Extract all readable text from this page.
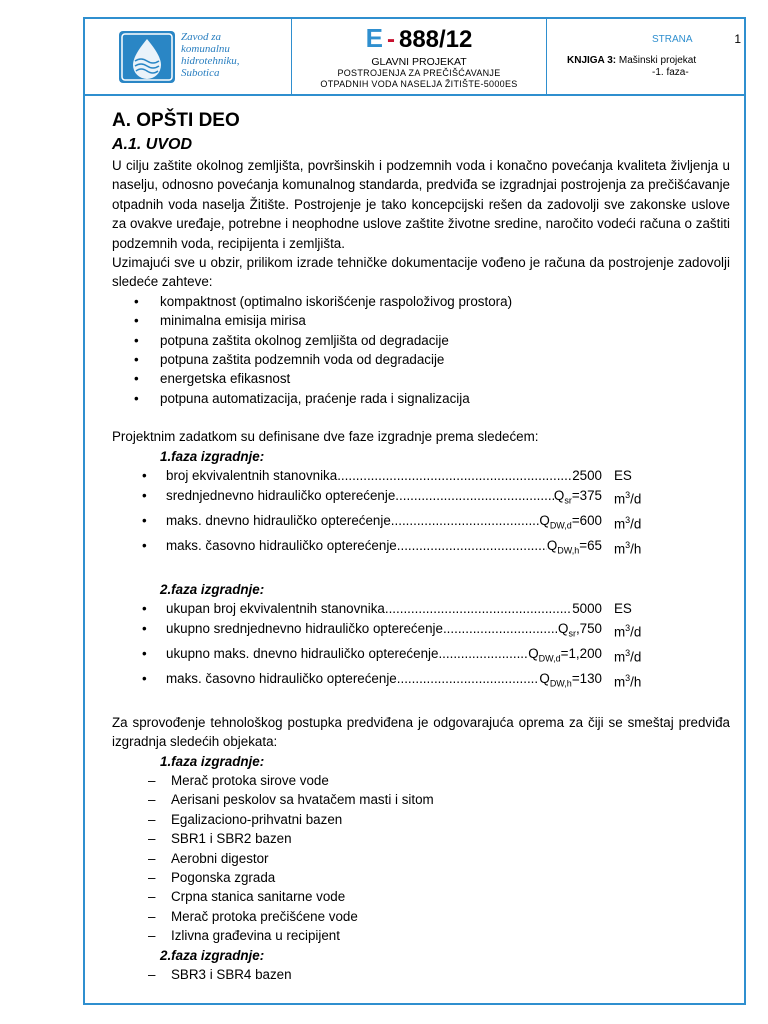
Zavod za
komunalnu
hidrotehniku,
Subotica
E - 888/12
GLAVNI PROJEKAT
POSTROJENJA ZA PREČIŠĆAVANJE
OTPADNIH VODA NASELJA ŽITIŠTE-5000ES
STRANA	1
KNJIGA 3: Mašinski projekat
-1. faza-
A. OPŠTI DEO
A.1. UVOD

U cilju zaštite okolnog zemljišta, površinskih i podzemnih voda i konačno povećanja kvaliteta življenja u naselju, odnosno povećanja komunalnog standarda, predviđa se izgradnjai postrojenja za prečišćavanje otpadnih voda naselja Žitište. Postrojenje je tako koncepcijski rešen da zadovolji sve zakonske uslove za ovakve uređaje, potrebne i neophodne uslove zaštite životne sredine, naročito vodeći računa o zaštiti podzemnih voda, recipijenta i zemljišta.

Uzimajući sve u obzir, prilikom izrade tehničke dokumentacije vođeno je računa da postrojenje zadovolji sledeće zahteve:

• kompaktnost (optimalno iskorišćenje raspoloživog prostora)
• minimalna emisija mirisa
• potpuna zaštita okolnog zemljišta od degradacije
• potpuna zaštita podzemnih voda od degradacije
• energetska efikasnost
• potpuna automatizacija, praćenje rada i signalizacija

Projektnim zadatkom su definisane dve faze izgradnje prema sledećem:

1.faza izgradnje:
• broj ekvivalentnih stanovnika .....	2500 ES
• srednjednevno hidrauličko opterećenje .....	$Q_{sr}=375$ $m^3/d$
• maks. dnevno hidrauličko opterećenje .....	$Q_{DW,d}=600$ $m^3/d$
• maks. časovno hidrauličko opterećenje .....	$Q_{DW,h}=65$ $m^3/h$
2.faza izgradnje:
• ukupan broj ekvivalentnih stanovnika .....	5000 ES
• ukupno srednjednevno hidrauličko opterećenje .....	$Q_{sr},750$ $m^3/d$
• ukupno maks. dnevno hidrauličko opterećenje .....	$Q_{DW,d}=1,200$ $m^3/d$
• maks. časovno hidrauličko opterećenje .....	$Q_{DW,h}=130$ $m^3/h$

Za sprovođenje tehnološkog postupka predviđena je odgovarajuća oprema za čiji se smeštaj predviđa izgradnja sledećih objekata:

1.faza izgradnje:
– Merač protoka sirove vode
– Aerisani peskolov sa hvatačem masti i sitom
– Egalizaciono-prihvatni bazen
– SBR1 i SBR2 bazen
– Aerobni digestor
– Pogonska zgrada
– Crpna stanica sanitarne vode
– Merač protoka prečišćene vode
– Izlivna građevina u recipijent
2.faza izgradnje:
– SBR3 i SBR4 bazen
